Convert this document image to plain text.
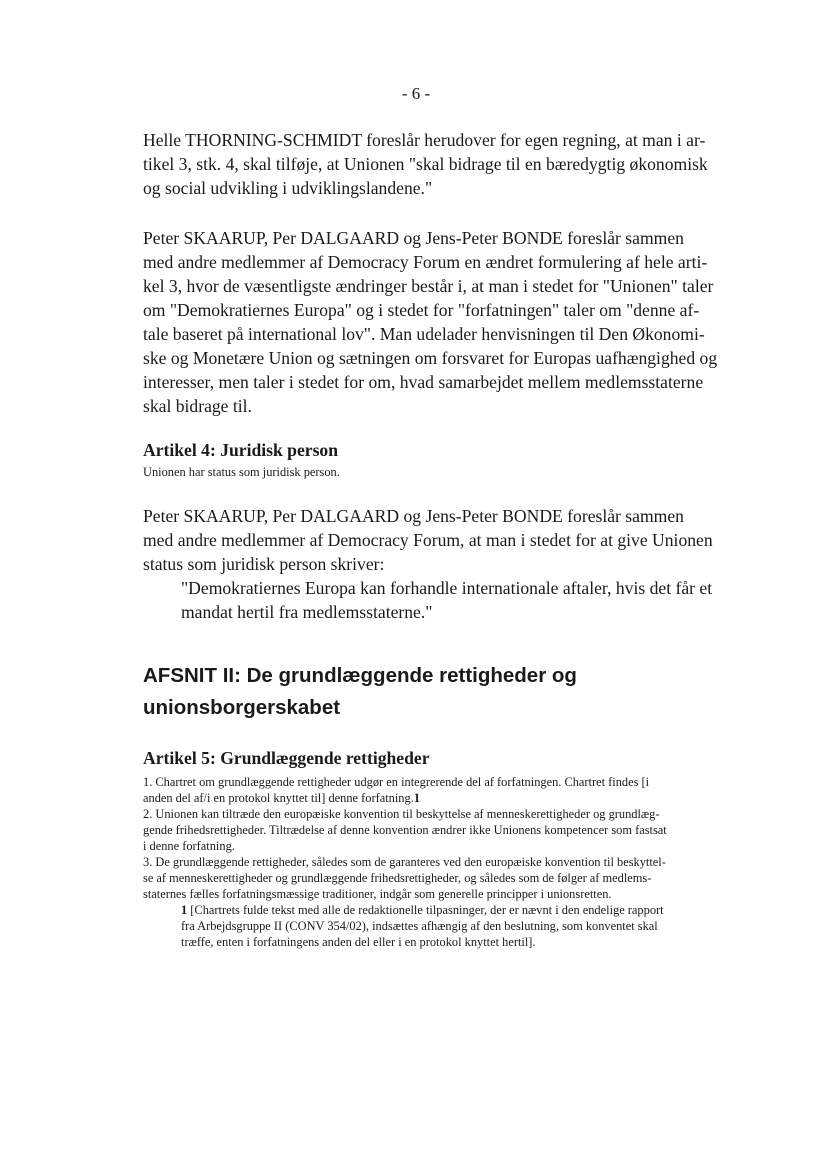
- 6 -

Helle THORNING-SCHMIDT foreslår herudover for egen regning, at man i ar-
tikel 3, stk. 4, skal tilføje, at Unionen "skal bidrage til en bæredygtig økonomisk
og social udvikling i udviklingslandene."

Peter SKAARUP, Per DALGAARD og Jens-Peter BONDE foreslår sammen
med andre medlemmer af Democracy Forum en ændret formulering af hele arti-
kel 3, hvor de væsentligste ændringer består i, at man i stedet for "Unionen" taler
om "Demokratiernes Europa" og i stedet for "forfatningen" taler om "denne af-
tale baseret på international lov". Man udelader henvisningen til Den Økonomi-
ske og Monetære Union og sætningen om forsvaret for Europas uafhængighed og
interesser, men taler i stedet for om, hvad samarbejdet mellem medlemsstaterne
skal bidrage til.

Artikel 4: Juridisk person

Unionen har status som juridisk person.

Peter SKAARUP, Per DALGAARD og Jens-Peter BONDE foreslår sammen
med andre medlemmer af Democracy Forum, at man i stedet for at give Unionen
status som juridisk person skriver:

"Demokratiernes Europa kan forhandle internationale aftaler, hvis det får et
mandat hertil fra medlemsstaterne."

AFSNIT II: De grundlæggende rettigheder og
unionsborgerskabet
Artikel 5: Grundlæggende rettigheder

1. Chartret om grundlæggende rettigheder udgør en integrerende del af forfatningen. Chartret findes [i
anden del af/i en protokol knyttet til] denne forfatning.1

2. Unionen kan tiltræde den europæiske konvention til beskyttelse af menneskerettigheder og grundlæg-
gende frihedsrettigheder. Tiltrædelse af denne konvention ændrer ikke Unionens kompetencer som fastsat
i denne forfatning.

3. De grundlæggende rettigheder, således som de garanteres ved den europæiske konvention til beskyttel-
se af menneskerettigheder og grundlæggende frihedsrettigheder, og således som de følger af medlems-
staternes fælles forfatningsmæssige traditioner, indgår som generelle principper i unionsretten.

1 [Chartrets fulde tekst med alle de redaktionelle tilpasninger, der er nævnt i den endelige rapport
fra Arbejdsgruppe II (CONV 354/02), indsættes afhængig af den beslutning, som konventet skal
træffe, enten i forfatningens anden del eller i en protokol knyttet hertil].
